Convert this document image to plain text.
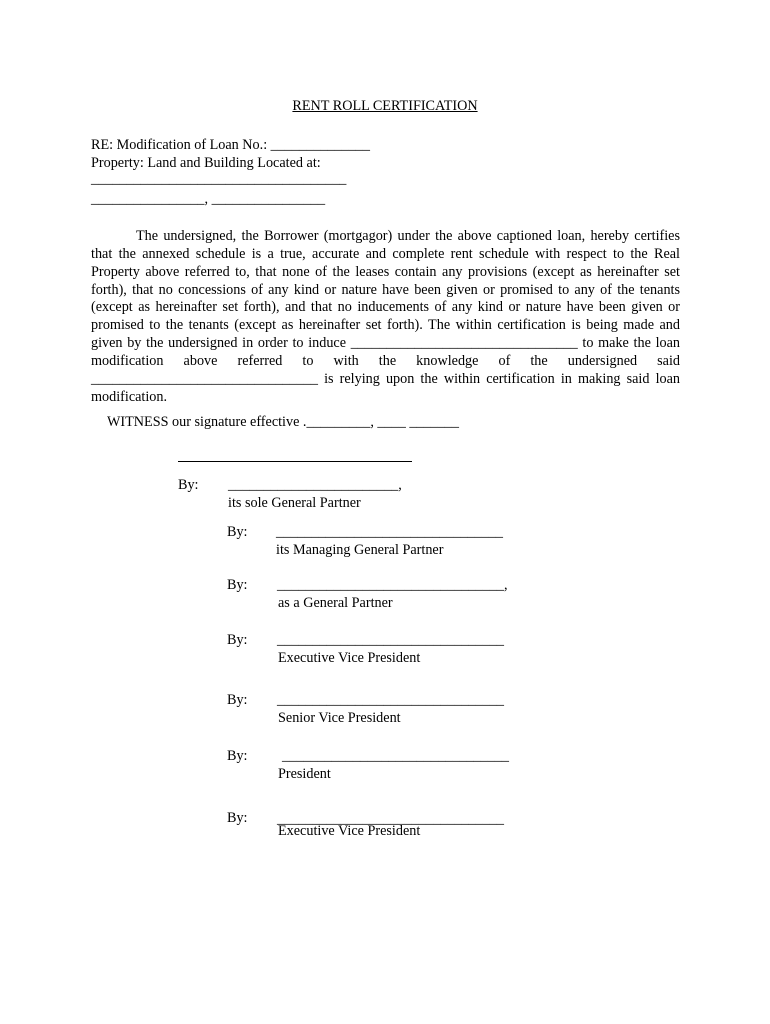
RENT ROLL CERTIFICATION
RE: Modification of Loan No.: ______________
Property: Land and Building Located at:
____________________________________
________________, ________________
The undersigned, the Borrower (mortgagor) under the above captioned loan, hereby certifies that the annexed schedule is a true, accurate and complete rent schedule with respect to the Real Property above referred to, that none of the leases contain any provisions (except as hereinafter set forth), that no concessions of any kind or nature have been given or promised to any of the tenants (except as hereinafter set forth), and that no inducements of any kind or nature have been given or promised to the tenants (except as hereinafter set forth). The within certification is being made and given by the undersigned in order to induce ________________________________ to make the loan modification above referred to with the knowledge of the undersigned said ________________________________ is relying upon the within certification in making said loan modification.
WITNESS our signature effective ._________, ____ _______
By: ________________________,
its sole General Partner
By: ________________________________
its Managing General Partner
By: ________________________________,
as a General Partner
By: ________________________________
Executive Vice President
By: ________________________________
Senior Vice President
By: ________________________________
President
By: ________________________________
Executive Vice President
